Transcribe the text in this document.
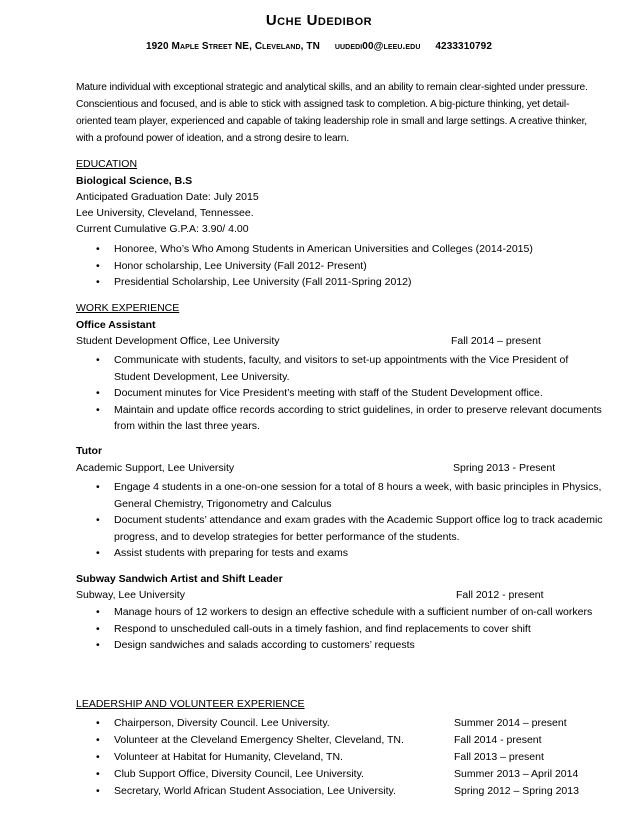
Uche Udedibor
1920 Maple Street NE, Cleveland, TN uudedi00@leeu.edu 4233310792
Mature individual with exceptional strategic and analytical skills, and an ability to remain clear-sighted under pressure. Conscientious and focused, and is able to stick with assigned task to completion. A big-picture thinking, yet detail-oriented team player, experienced and capable of taking leadership role in small and large settings. A creative thinker, with a profound power of ideation, and a strong desire to learn.
EDUCATION
Biological Science, B.S
Anticipated Graduation Date: July 2015
Lee University, Cleveland, Tennessee.
Current Cumulative G.P.A: 3.90/ 4.00
• Honoree, Who’s Who Among Students in American Universities and Colleges (2014-2015)
• Honor scholarship, Lee University (Fall 2012- Present)
• Presidential Scholarship, Lee University (Fall 2011-Spring 2012)
WORK EXPERIENCE
Office Assistant
Student Development Office, Lee University	Fall 2014 – present
• Communicate with students, faculty, and visitors to set-up appointments with the Vice President of Student Development, Lee University.
• Document minutes for Vice President’s meeting with staff of the Student Development office.
• Maintain and update office records according to strict guidelines, in order to preserve relevant documents from within the last three years.
Tutor
Academic Support, Lee University	Spring 2013 - Present
• Engage 4 students in a one-on-one session for a total of 8 hours a week, with basic principles in Physics, General Chemistry, Trigonometry and Calculus
• Document students’ attendance and exam grades with the Academic Support office log to track academic progress, and to develop strategies for better performance of the students.
• Assist students with preparing for tests and exams
Subway Sandwich Artist and Shift Leader
Subway, Lee University	Fall 2012 - present
• Manage hours of 12 workers to design an effective schedule with a sufficient number of on-call workers
• Respond to unscheduled call-outs in a timely fashion, and find replacements to cover shift
• Design sandwiches and salads according to customers’ requests
LEADERSHIP AND VOLUNTEER EXPERIENCE
• Chairperson, Diversity Council. Lee University.	Summer 2014 – present
• Volunteer at the Cleveland Emergency Shelter, Cleveland, TN.	Fall 2014 - present
• Volunteer at Habitat for Humanity, Cleveland, TN.	Fall 2013 – present
• Club Support Office, Diversity Council, Lee University.	Summer 2013 – April 2014
• Secretary, World African Student Association, Lee University.	Spring 2012 – Spring 2013
